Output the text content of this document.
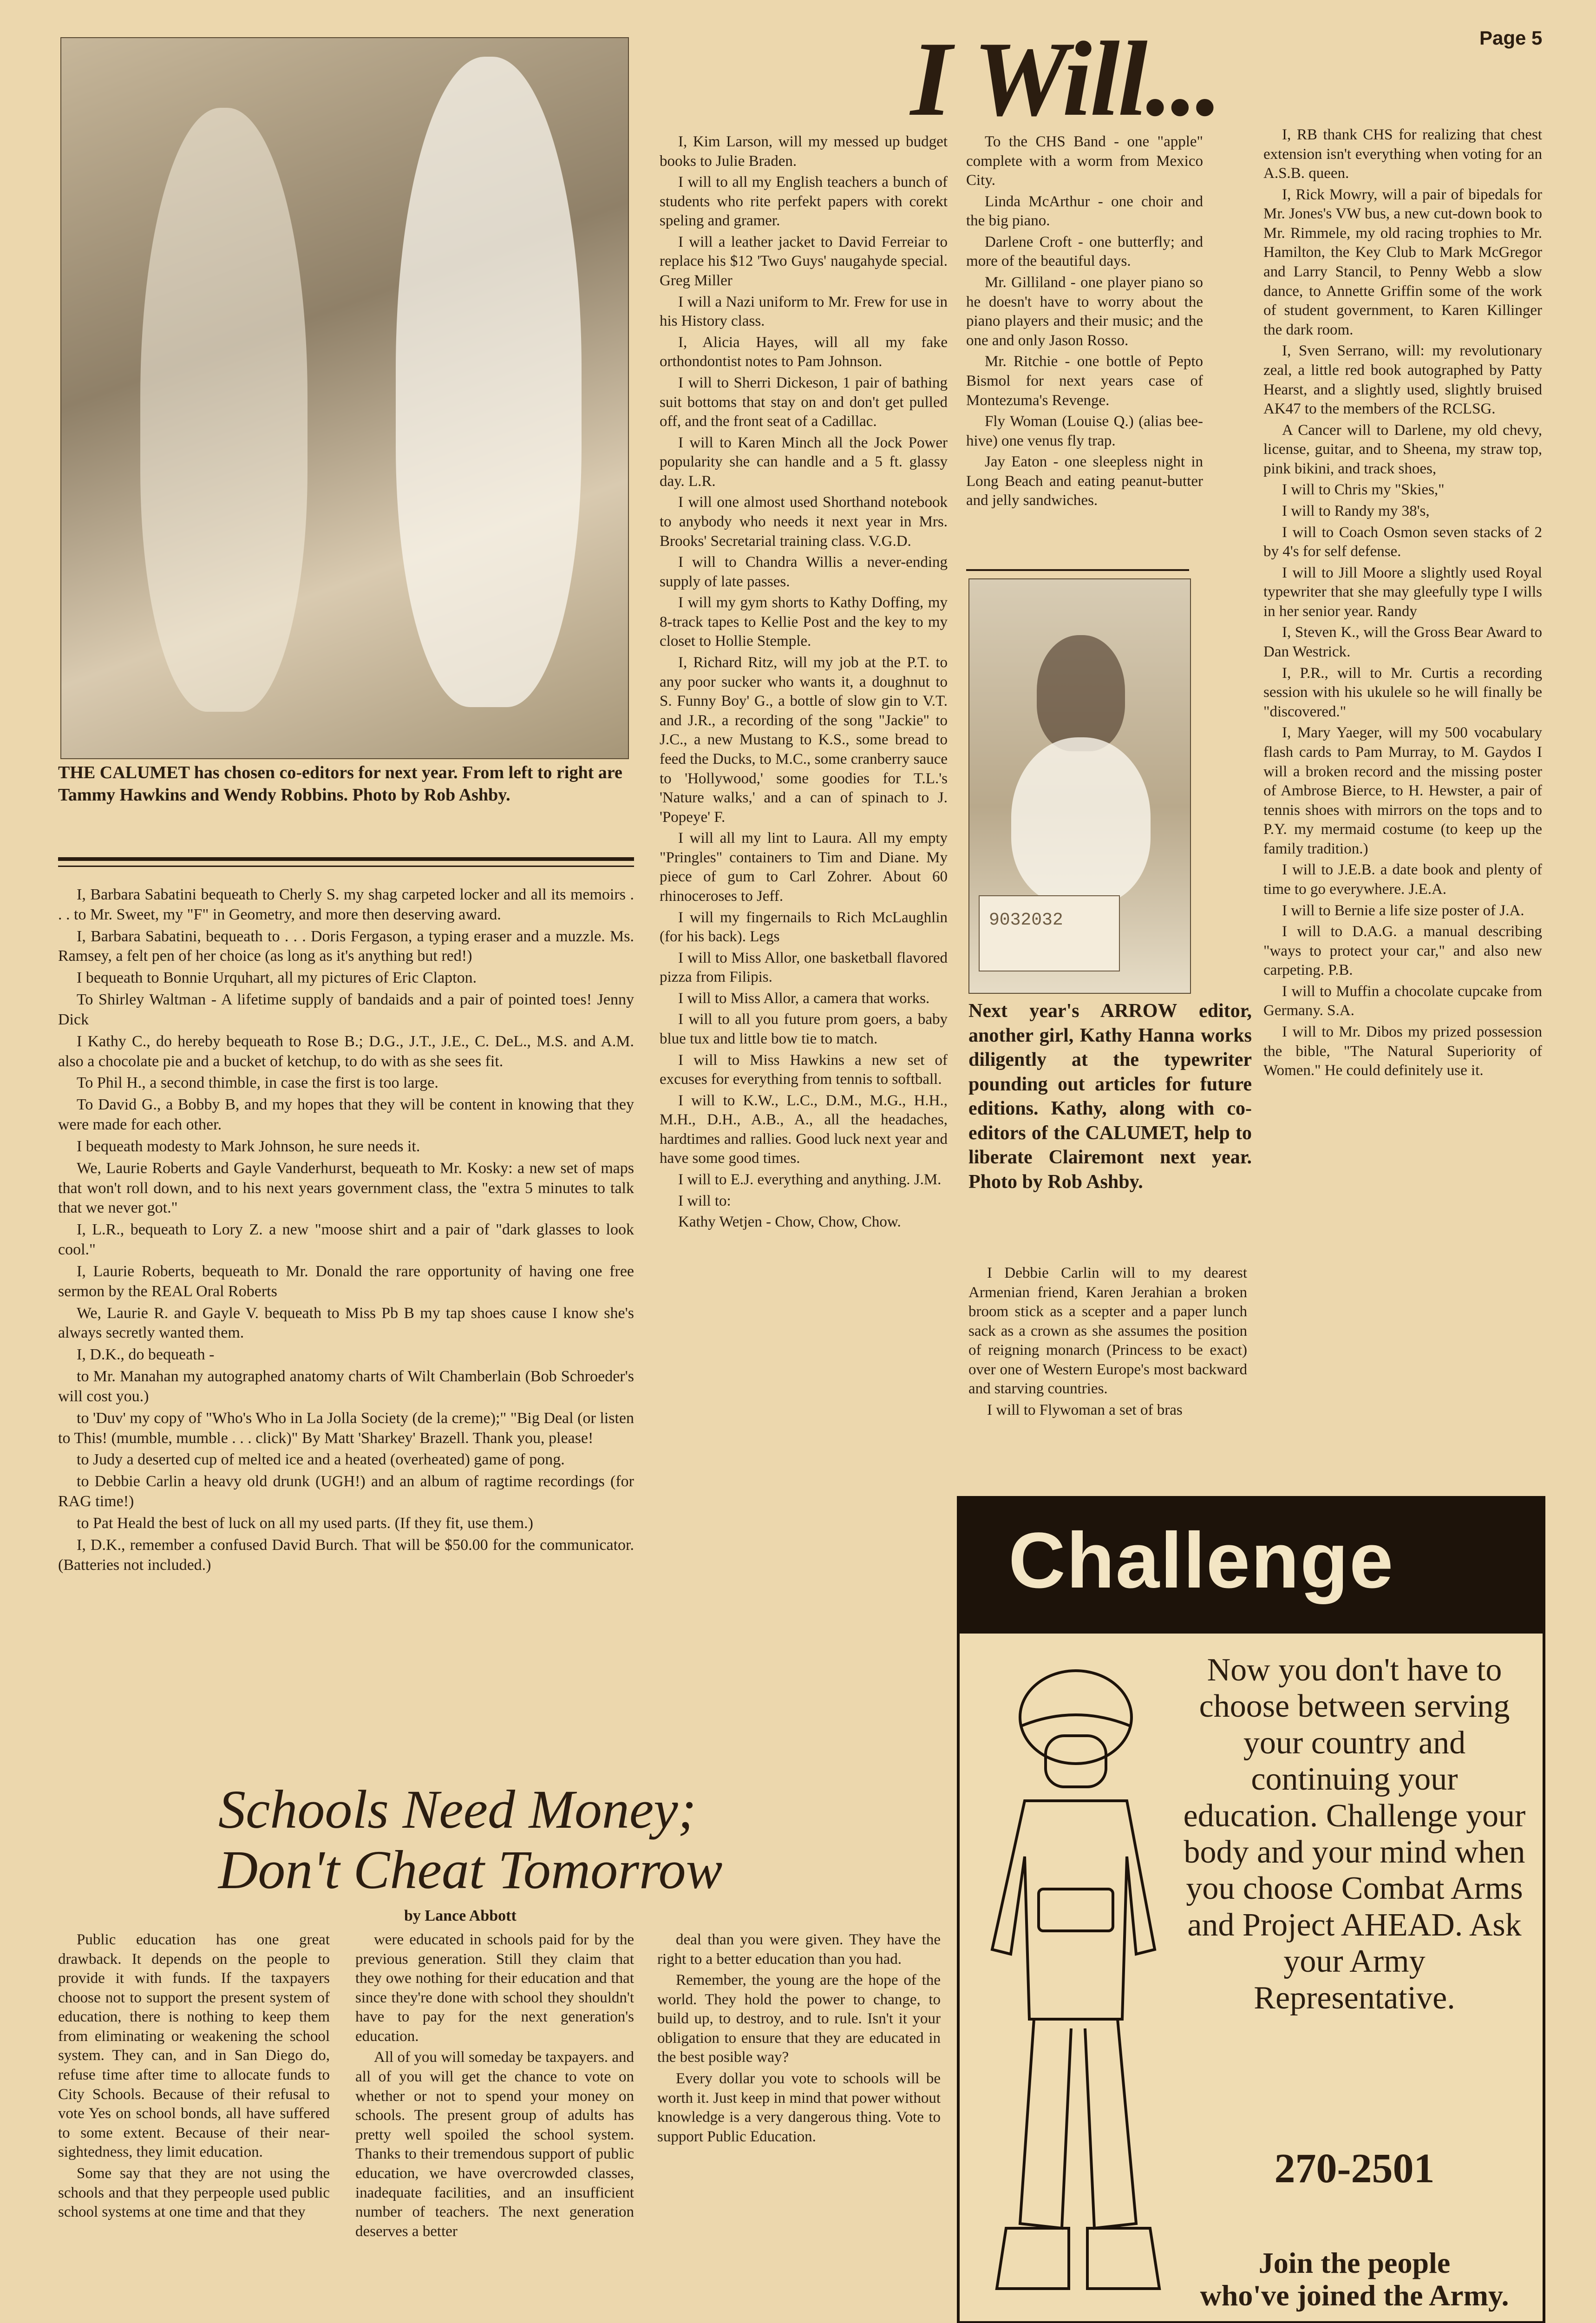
Page 5
I Will...
THE CALUMET has chosen co-editors for next year. From left to right are Tammy Hawkins and Wendy Robbins. Photo by Rob Ashby.

I, Barbara Sabatini bequeath to Cherly S. my shag carpeted locker and all its memoirs . . . to Mr. Sweet, my "F" in Geometry, and more then deserving award.

I, Barbara Sabatini, bequeath to . . . Doris Fergason, a typing eraser and a muzzle. Ms. Ramsey, a felt pen of her choice (as long as it's anything but red!)

I bequeath to Bonnie Urquhart, all my pictures of Eric Clapton.

To Shirley Waltman - A lifetime supply of bandaids and a pair of pointed toes! Jenny Dick

I Kathy C., do hereby bequeath to Rose B.; D.G., J.T., J.E., C. DeL., M.S. and A.M. also a chocolate pie and a bucket of ketchup, to do with as she sees fit.

To Phil H., a second thimble, in case the first is too large.

To David G., a Bobby B, and my hopes that they will be content in knowing that they were made for each other.

I bequeath modesty to Mark Johnson, he sure needs it.

We, Laurie Roberts and Gayle Vanderhurst, bequeath to Mr. Kosky: a new set of maps that won't roll down, and to his next years government class, the "extra 5 minutes to talk that we never got."

I, L.R., bequeath to Lory Z. a new "moose shirt and a pair of "dark glasses to look cool."

I, Laurie Roberts, bequeath to Mr. Donald the rare opportunity of having one free sermon by the REAL Oral Roberts

We, Laurie R. and Gayle V. bequeath to Miss Pb B my tap shoes cause I know she's always secretly wanted them.

I, D.K., do bequeath -

to Mr. Manahan my autographed anatomy charts of Wilt Chamberlain (Bob Schroeder's will cost you.)

to 'Duv' my copy of "Who's Who in La Jolla Society (de la creme);" "Big Deal (or listen to This! (mumble, mumble . . . click)" By Matt 'Sharkey' Brazell. Thank you, please!

to Judy a deserted cup of melted ice and a heated (overheated) game of pong.

to Debbie Carlin a heavy old drunk (UGH!) and an album of ragtime recordings (for RAG time!)

to Pat Heald the best of luck on all my used parts. (If they fit, use them.)

I, D.K., remember a confused David Burch. That will be $50.00 for the communicator. (Batteries not included.)

I, Kim Larson, will my messed up budget books to Julie Braden.

I will to all my English teachers a bunch of students who rite perfekt papers with corekt speling and gramer.

I will a leather jacket to David Ferreiar to replace his $12 'Two Guys' naugahyde special. Greg Miller

I will a Nazi uniform to Mr. Frew for use in his History class.

I, Alicia Hayes, will all my fake orthondontist notes to Pam Johnson.

I will to Sherri Dickeson, 1 pair of bathing suit bottoms that stay on and don't get pulled off, and the front seat of a Cadillac.

I will to Karen Minch all the Jock Power popularity she can handle and a 5 ft. glassy day. L.R.

I will one almost used Shorthand notebook to anybody who needs it next year in Mrs. Brooks' Secretarial training class. V.G.D.

I will to Chandra Willis a never-ending supply of late passes.

I will my gym shorts to Kathy Doffing, my 8-track tapes to Kellie Post and the key to my closet to Hollie Stemple.

I, Richard Ritz, will my job at the P.T. to any poor sucker who wants it, a doughnut to S. Funny Boy' G., a bottle of slow gin to V.T. and J.R., a recording of the song "Jackie" to J.C., a new Mustang to K.S., some bread to feed the Ducks, to M.C., some cranberry sauce to 'Hollywood,' some goodies for T.L.'s 'Nature walks,' and a can of spinach to J. 'Popeye' F.

I will all my lint to Laura. All my empty "Pringles" containers to Tim and Diane. My piece of gum to Carl Zohrer. About 60 rhinoceroses to Jeff.

I will my fingernails to Rich McLaughlin (for his back). Legs

I will to Miss Allor, one basketball flavored pizza from Filipis.

I will to Miss Allor, a camera that works.

I will to all you future prom goers, a baby blue tux and little bow tie to match.

I will to Miss Hawkins a new set of excuses for everything from tennis to softball.

I will to K.W., L.C., D.M., M.G., H.H., M.H., D.H., A.B., A., all the headaches, hardtimes and rallies. Good luck next year and have some good times.

I will to E.J. everything and anything. J.M.

I will to:

Kathy Wetjen - Chow, Chow, Chow.

To the CHS Band - one "apple" complete with a worm from Mexico City.

Linda McArthur - one choir and the big piano.

Darlene Croft - one butterfly; and more of the beautiful days.

Mr. Gilliland - one player piano so he doesn't have to worry about the piano players and their music; and the one and only Jason Rosso.

Mr. Ritchie - one bottle of Pepto Bismol for next years case of Montezuma's Revenge.

Fly Woman (Louise Q.) (alias bee-hive) one venus fly trap.

Jay Eaton - one sleepless night in Long Beach and eating peanut-butter and jelly sandwiches.

9032032
Next year's ARROW editor, another girl, Kathy Hanna works diligently at the typewriter pounding out articles for future editions. Kathy, along with co-editors of the CALUMET, help to liberate Clairemont next year. Photo by Rob Ashby.

I Debbie Carlin will to my dearest Armenian friend, Karen Jerahian a broken broom stick as a scepter and a paper lunch sack as a crown as she assumes the position of reigning monarch (Princess to be exact) over one of Western Europe's most backward and starving countries.

I will to Flywoman a set of bras

I, RB thank CHS for realizing that chest extension isn't everything when voting for an A.S.B. queen.

I, Rick Mowry, will a pair of bipedals for Mr. Jones's VW bus, a new cut-down book to Mr. Rimmele, my old racing trophies to Mr. Hamilton, the Key Club to Mark McGregor and Larry Stancil, to Penny Webb a slow dance, to Annette Griffin some of the work of student government, to Karen Killinger the dark room.

I, Sven Serrano, will: my revolutionary zeal, a little red book autographed by Patty Hearst, and a slightly used, slightly bruised AK47 to the members of the RCLSG.

A Cancer will to Darlene, my old chevy, license, guitar, and to Sheena, my straw top, pink bikini, and track shoes,

I will to Chris my "Skies,"

I will to Randy my 38's,

I will to Coach Osmon seven stacks of 2 by 4's for self defense.

I will to Jill Moore a slightly used Royal typewriter that she may gleefully type I wills in her senior year. Randy

I, Steven K., will the Gross Bear Award to Dan Westrick.

I, P.R., will to Mr. Curtis a recording session with his ukulele so he will finally be "discovered."

I, Mary Yaeger, will my 500 vocabulary flash cards to Pam Murray, to M. Gaydos I will a broken record and the missing poster of Ambrose Bierce, to H. Hewster, a pair of tennis shoes with mirrors on the tops and to P.Y. my mermaid costume (to keep up the family tradition.)

I will to J.E.B. a date book and plenty of time to go everywhere. J.E.A.

I will to Bernie a life size poster of J.A.

I will to D.A.G. a manual describing "ways to protect your car," and also new carpeting. P.B.

I will to Muffin a chocolate cupcake from Germany. S.A.

I will to Mr. Dibos my prized possession the bible, "The Natural Superiority of Women." He could definitely use it.

Challenge
Now you don't have to choose between serving your country and continuing your education. Challenge your body and your mind when you choose Combat Arms and Project AHEAD. Ask your Army Representative.
270-2501
Join the people
who've joined the Army.
Schools Need Money;
Don't Cheat Tomorrow
by Lance Abbott

Public education has one great drawback. It depends on the people to provide it with funds. If the taxpayers choose not to support the present system of education, there is nothing to keep them from eliminating or weakening the school system. They can, and in San Diego do, refuse time after time to allocate funds to City Schools. Because of their refusal to vote Yes on school bonds, all have suffered to some extent. Because of their near-sightedness, they limit education.

Some say that they are not using the schools and that they perpeople used public school systems at one time and that they

were educated in schools paid for by the previous generation. Still they claim that they owe nothing for their education and that since they're done with school they shouldn't have to pay for the next generation's education.

All of you will someday be taxpayers. and all of you will get the chance to vote on whether or not to spend your money on schools. The present group of adults has pretty well spoiled the school system. Thanks to their tremendous support of public education, we have overcrowded classes, inadequate facilities, and an insufficient number of teachers. The next generation deserves a better

deal than you were given. They have the right to a better education than you had.

Remember, the young are the hope of the world. They hold the power to change, to build up, to destroy, and to rule. Isn't it your obligation to ensure that they are educated in the best posible way?

Every dollar you vote to schools will be worth it. Just keep in mind that power without knowledge is a very dangerous thing. Vote to support Public Education.
